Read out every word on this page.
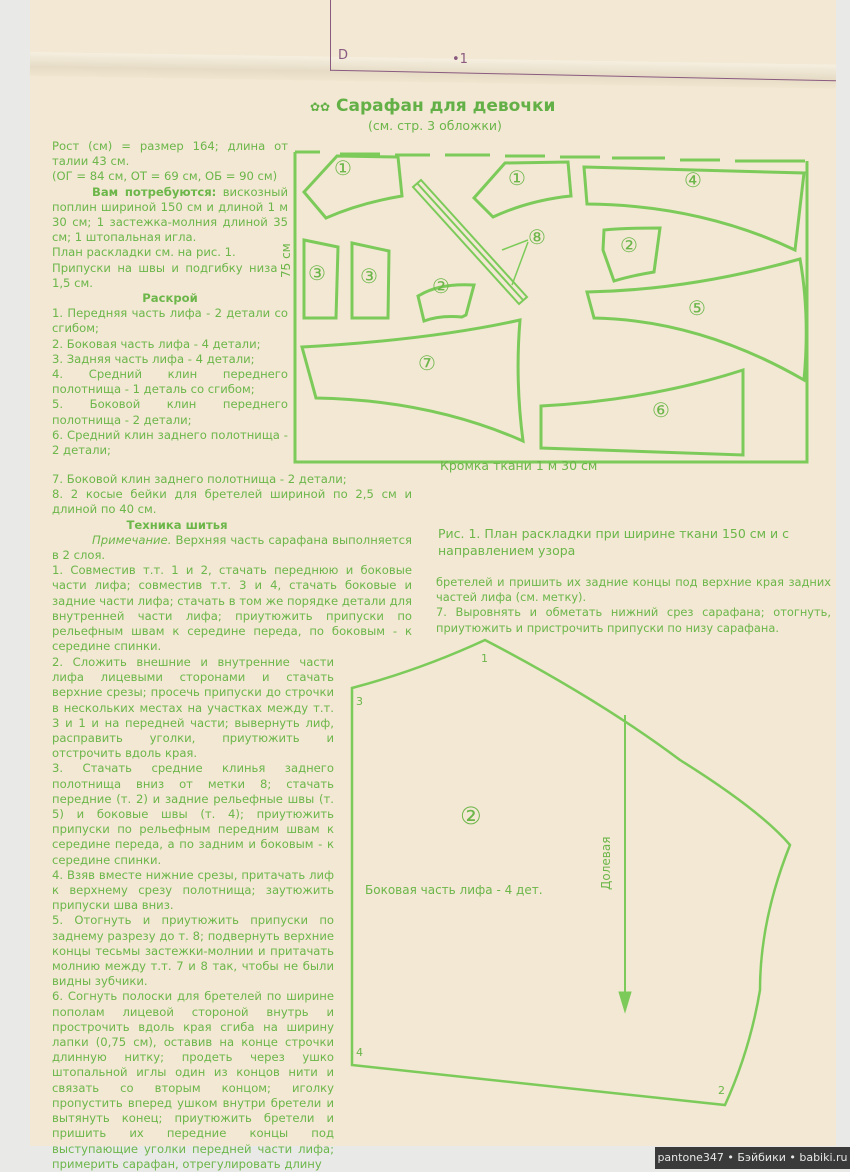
D	•1
✿✿ Сарафан для девочки
(см. стр. 3 обложки)

Рост (см) = размер 164; длина от талии 43 см.

(ОГ = 84 см, ОТ = 69 см, ОБ = 90 см)

Вам потребуются: вискозный поплин шириной 150 см и длиной 1 м 30 см; 1 застежка-молния длиной 35 см; 1 штопальная игла.

План раскладки см. на рис. 1.

Припуски на швы и подгибку низа - 1,5 см.

Раскрой

1. Передняя часть лифа - 2 детали со сгибом;

2. Боковая часть лифа - 4 детали;

3. Задняя часть лифа - 4 детали;

4. Средний клин переднего полотнища - 1 деталь со сгибом;

5. Боковой клин переднего полотнища - 2 детали;

6. Средний клин заднего полотнища - 2 детали;

7. Боковой клин заднего полотнища - 2 детали;

8. 2 косые бейки для бретелей шириной по 2,5 см и длиной по 40 см.

Техника шитья

Примечание. Верхняя часть сарафана выполняется в 2 слоя.

1. Совместив т.т. 1 и 2, стачать переднюю и боковые части лифа; совместив т.т. 3 и 4, стачать боковые и задние части лифа; стачать в том же порядке детали для внутренней части лифа; приутюжить припуски по рельефным швам к середине переда, по боковым - к середине спинки.

2. Сложить внешние и внутренние части лифа лицевыми сторонами и стачать верхние срезы; просечь припуски до строчки в нескольких местах на участках между т.т. 3 и 1 и на передней части; вывернуть лиф, расправить уголки, приутюжить и отстрочить вдоль края.

3. Стачать средние клинья заднего полотнища вниз от метки 8; стачать передние (т. 2) и задние рельефные швы (т. 5) и боковые швы (т. 4); приутюжить припуски по рельефным передним швам к середине переда, а по задним и боковым - к середине спинки.

4. Взяв вместе нижние срезы, притачать лиф к верхнему срезу полотнища; заутюжить припуски шва вниз.

5. Отогнуть и приутюжить припуски по заднему разрезу до т. 8; подвернуть верхние концы тесьмы застежки-молнии и притачать молнию между т.т. 7 и 8 так, чтобы не были видны зубчики.

6. Согнуть полоски для бретелей по ширине пополам лицевой стороной внутрь и прострочить вдоль края сгиба на ширину лапки (0,75 см), оставив на конце строчки длинную нитку; продеть через ушко штопальной иглы один из концов нити и связать со вторым концом; иголку пропустить вперед ушком внутри бретели и вытянуть конец; приутюжить бретели и пришить их передние концы под выступающие уголки передней части лифа; примерить сарафан, отрегулировать длину

75 см
①	①
②
②
③ ③
④
⑤
⑥
⑦
⑧
Кромка ткани 1 м 30 см
Рис. 1. План раскладки при ширине ткани 150 см и с направлением узора

бретелей и пришить их задние концы под верхние края задних частей лифа (см. метку).

7. Выровнять и обметать нижний срез сарафана; отогнуть, приутюжить и пристрочить припуски по низу сарафана.

1
2
3
4
②
Боковая часть лифа - 4 дет.	Долевая
pantone347 • Бэйбики • babiki.ru
